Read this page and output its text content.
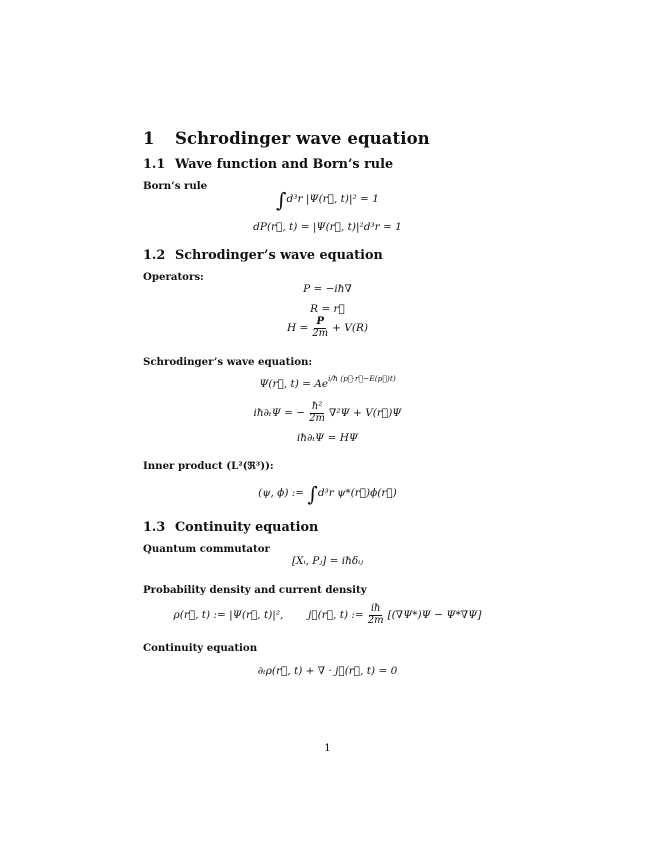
1 Schrodinger wave equation
1.1 Wave function and Born’s rule
Born’s rule
∫d³r |Ψ(r⃗, t)|² = 1
dP(r⃗, t) = |Ψ(r⃗, t)|²d³r = 1
1.2 Schrodinger’s wave equation
Operators:
P = −iħ∇
R = r⃗
$H = \frac{P}{2m} + V(R)$
Schrodinger’s wave equation:
Ψ(r⃗, $t) = Ae^{i/ħ (p⃗\cdot r⃗-E(p⃗)t)}$
iħ∂ₜΨ = − $\frac{\text{ħ²}}{2m} \nabla^2\Psi$ + V(r⃗)Ψ
iħ∂ₜΨ = HΨ
Inner product (L²(ℜ³)):
(ψ, ϕ) := ∫d³r ψ*(r⃗)ϕ(r⃗)
1.3 Continuity equation
Quantum commutator
[Xᵢ, Pⱼ] = iħδᵢⱼ
Probability density and current density
ρ(r⃗, t) := |Ψ(r⃗, t)|², j⃗(r⃗, t) := $\frac{iħ}{2m} [(\nabla\Psi*)\Psi - \Psi*\nabla\Psi]$
Continuity equation
∂ₜρ(r⃗, t) + ∇ · j⃗(r⃗, t) = 0
1
